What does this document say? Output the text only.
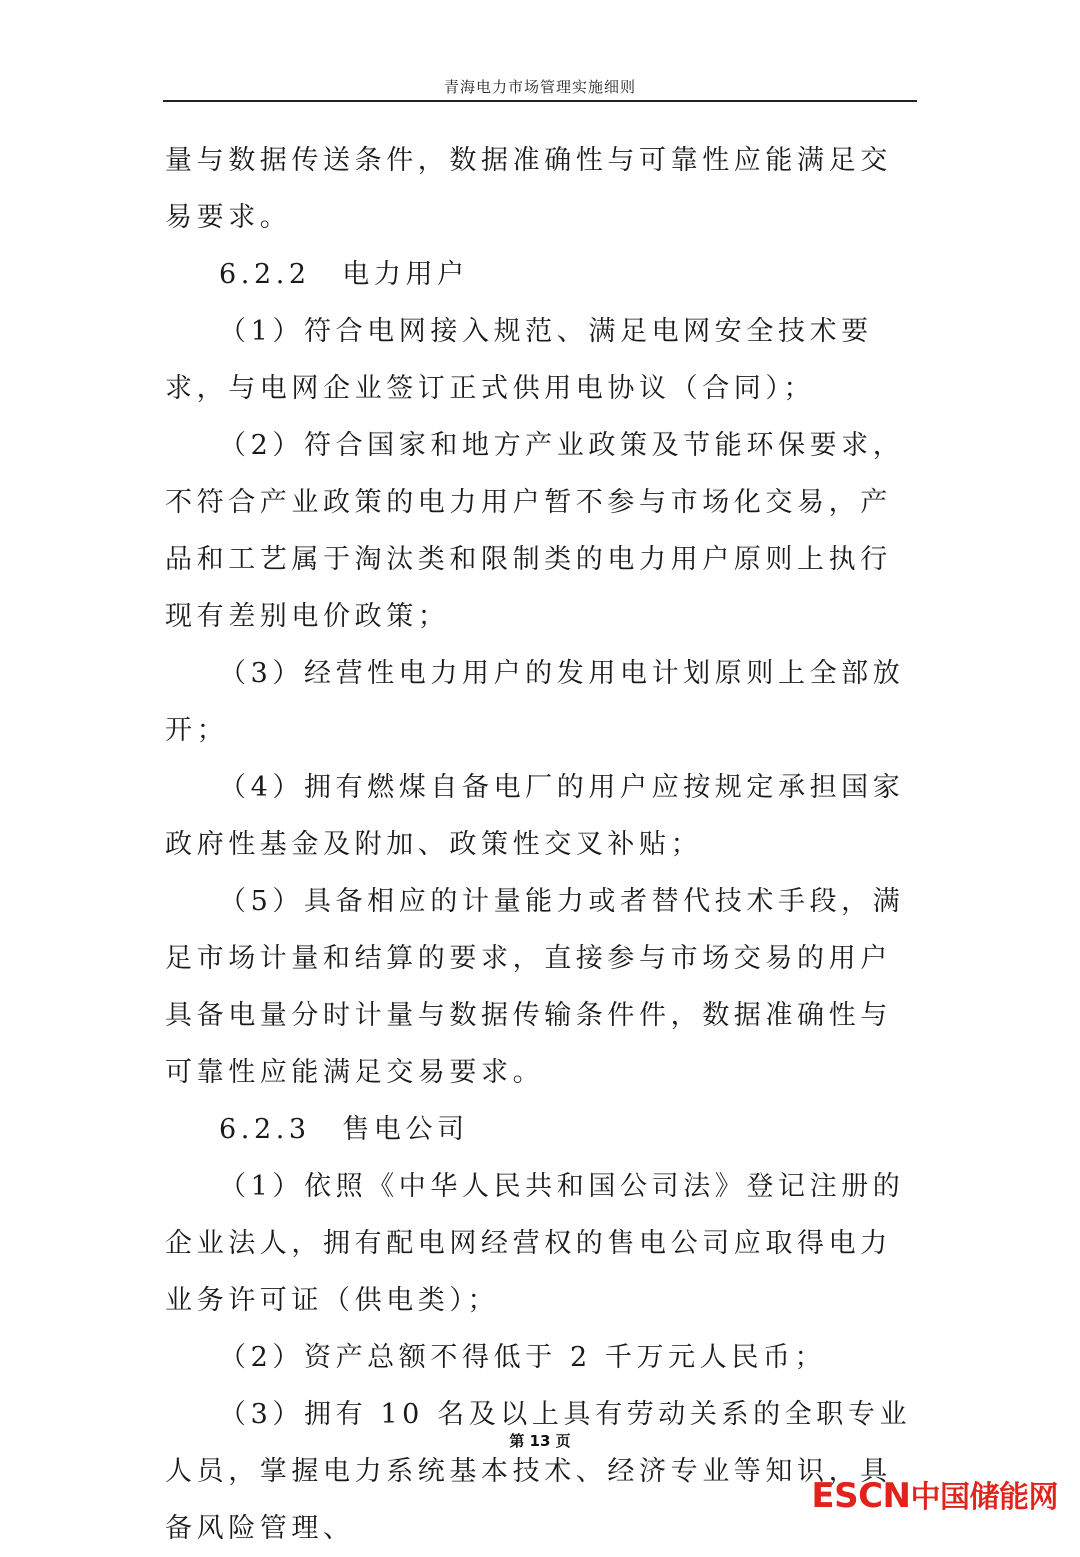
青海电力市场管理实施细则

量与数据传送条件，数据准确性与可靠性应能满足交易要求。

6.2.2　电力用户

（1）符合电网接入规范、满足电网安全技术要求，与电网企业签订正式供用电协议（合同）；

（2）符合国家和地方产业政策及节能环保要求，不符合产业政策的电力用户暂不参与市场化交易，产品和工艺属于淘汰类和限制类的电力用户原则上执行现有差别电价政策；

（3）经营性电力用户的发用电计划原则上全部放开；

（4）拥有燃煤自备电厂的用户应按规定承担国家政府性基金及附加、政策性交叉补贴；

（5）具备相应的计量能力或者替代技术手段，满足市场计量和结算的要求，直接参与市场交易的用户具备电量分时计量与数据传输条件件，数据准确性与可靠性应能满足交易要求。

6.2.3　售电公司

（1）依照《中华人民共和国公司法》登记注册的企业法人，拥有配电网经营权的售电公司应取得电力业务许可证（供电类）；

（2）资产总额不得低于 2 千万元人民币；

（3）拥有 10 名及以上具有劳动关系的全职专业人员，掌握电力系统基本技术、经济专业等知识，具备风险管理、

第 13 页
ESCN中国储能网
